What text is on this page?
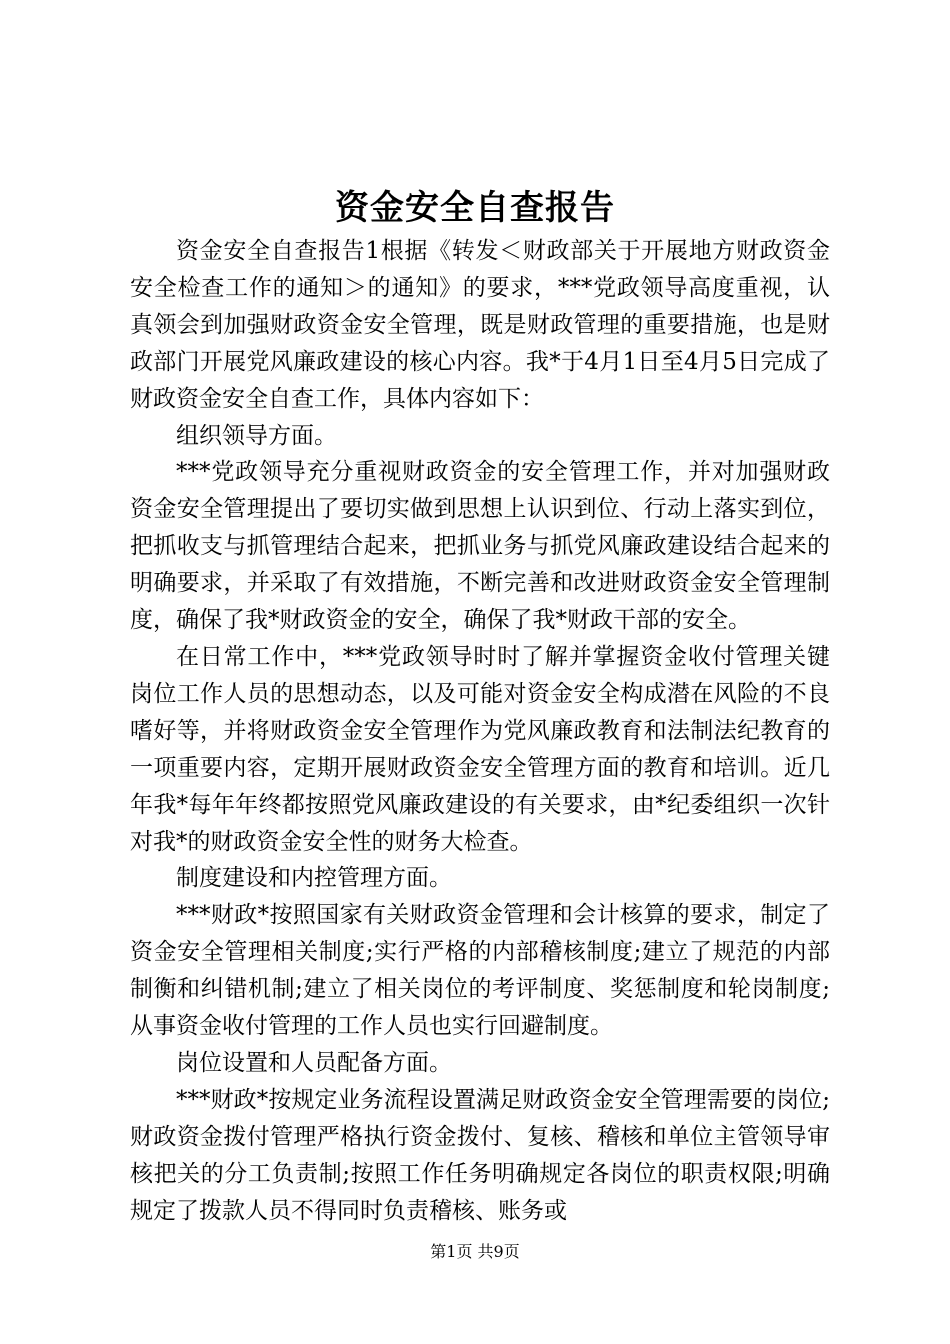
资金安全自查报告

资金安全自查报告1根据《转发＜财政部关于开展地方财政资金安全检查工作的通知＞的通知》的要求，***党政领导高度重视，认真领会到加强财政资金安全管理，既是财政管理的重要措施，也是财政部门开展党风廉政建设的核心内容。我*于4月1日至4月5日完成了财政资金安全自查工作，具体内容如下：

组织领导方面。

***党政领导充分重视财政资金的安全管理工作，并对加强财政资金安全管理提出了要切实做到思想上认识到位、行动上落实到位，把抓收支与抓管理结合起来，把抓业务与抓党风廉政建设结合起来的明确要求，并采取了有效措施，不断完善和改进财政资金安全管理制度，确保了我*财政资金的安全，确保了我*财政干部的安全。

在日常工作中，***党政领导时时了解并掌握资金收付管理关键岗位工作人员的思想动态，以及可能对资金安全构成潜在风险的不良嗜好等，并将财政资金安全管理作为党风廉政教育和法制法纪教育的一项重要内容，定期开展财政资金安全管理方面的教育和培训。近几年我*每年年终都按照党风廉政建设的有关要求，由*纪委组织一次针对我*的财政资金安全性的财务大检查。

制度建设和内控管理方面。

***财政*按照国家有关财政资金管理和会计核算的要求，制定了资金安全管理相关制度;实行严格的内部稽核制度;建立了规范的内部制衡和纠错机制;建立了相关岗位的考评制度、奖惩制度和轮岗制度;从事资金收付管理的工作人员也实行回避制度。

岗位设置和人员配备方面。

***财政*按规定业务流程设置满足财政资金安全管理需要的岗位;财政资金拨付管理严格执行资金拨付、复核、稽核和单位主管领导审核把关的分工负责制;按照工作任务明确规定各岗位的职责权限;明确规定了拨款人员不得同时负责稽核、账务或

第1页 共9页
